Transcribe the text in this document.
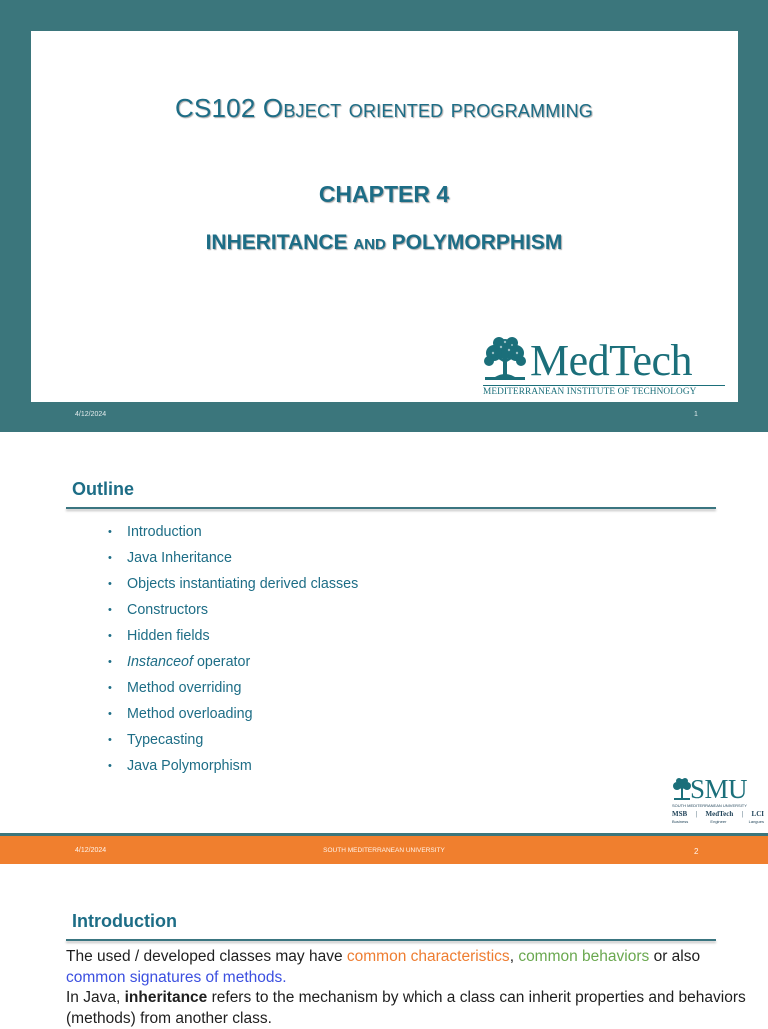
CS102 Object oriented programming
CHAPTER 4
INHERITANCE AND POLYMORPHISM
MedTech
MEDITERRANEAN INSTITUTE OF TECHNOLOGY
4/12/2024	1
Outline
• Introduction
• Java Inheritance
• Objects instantiating derived classes
• Constructors
• Hidden fields
• Instanceof operator
• Method overriding
• Method overloading
• Typecasting
• Java Polymorphism
SMU
SOUTH MEDITERRANEAN UNIVERSITY
MSB | MedTech | LCI
Business	Engineer	Langues
4/12/2024	SOUTH MEDITERRANEAN UNIVERSITY	2
Introduction
The used / developed classes may have common characteristics, common behaviors or also common signatures of methods.
In Java, inheritance refers to the mechanism by which a class can inherit properties and behaviors (methods) from another class.
